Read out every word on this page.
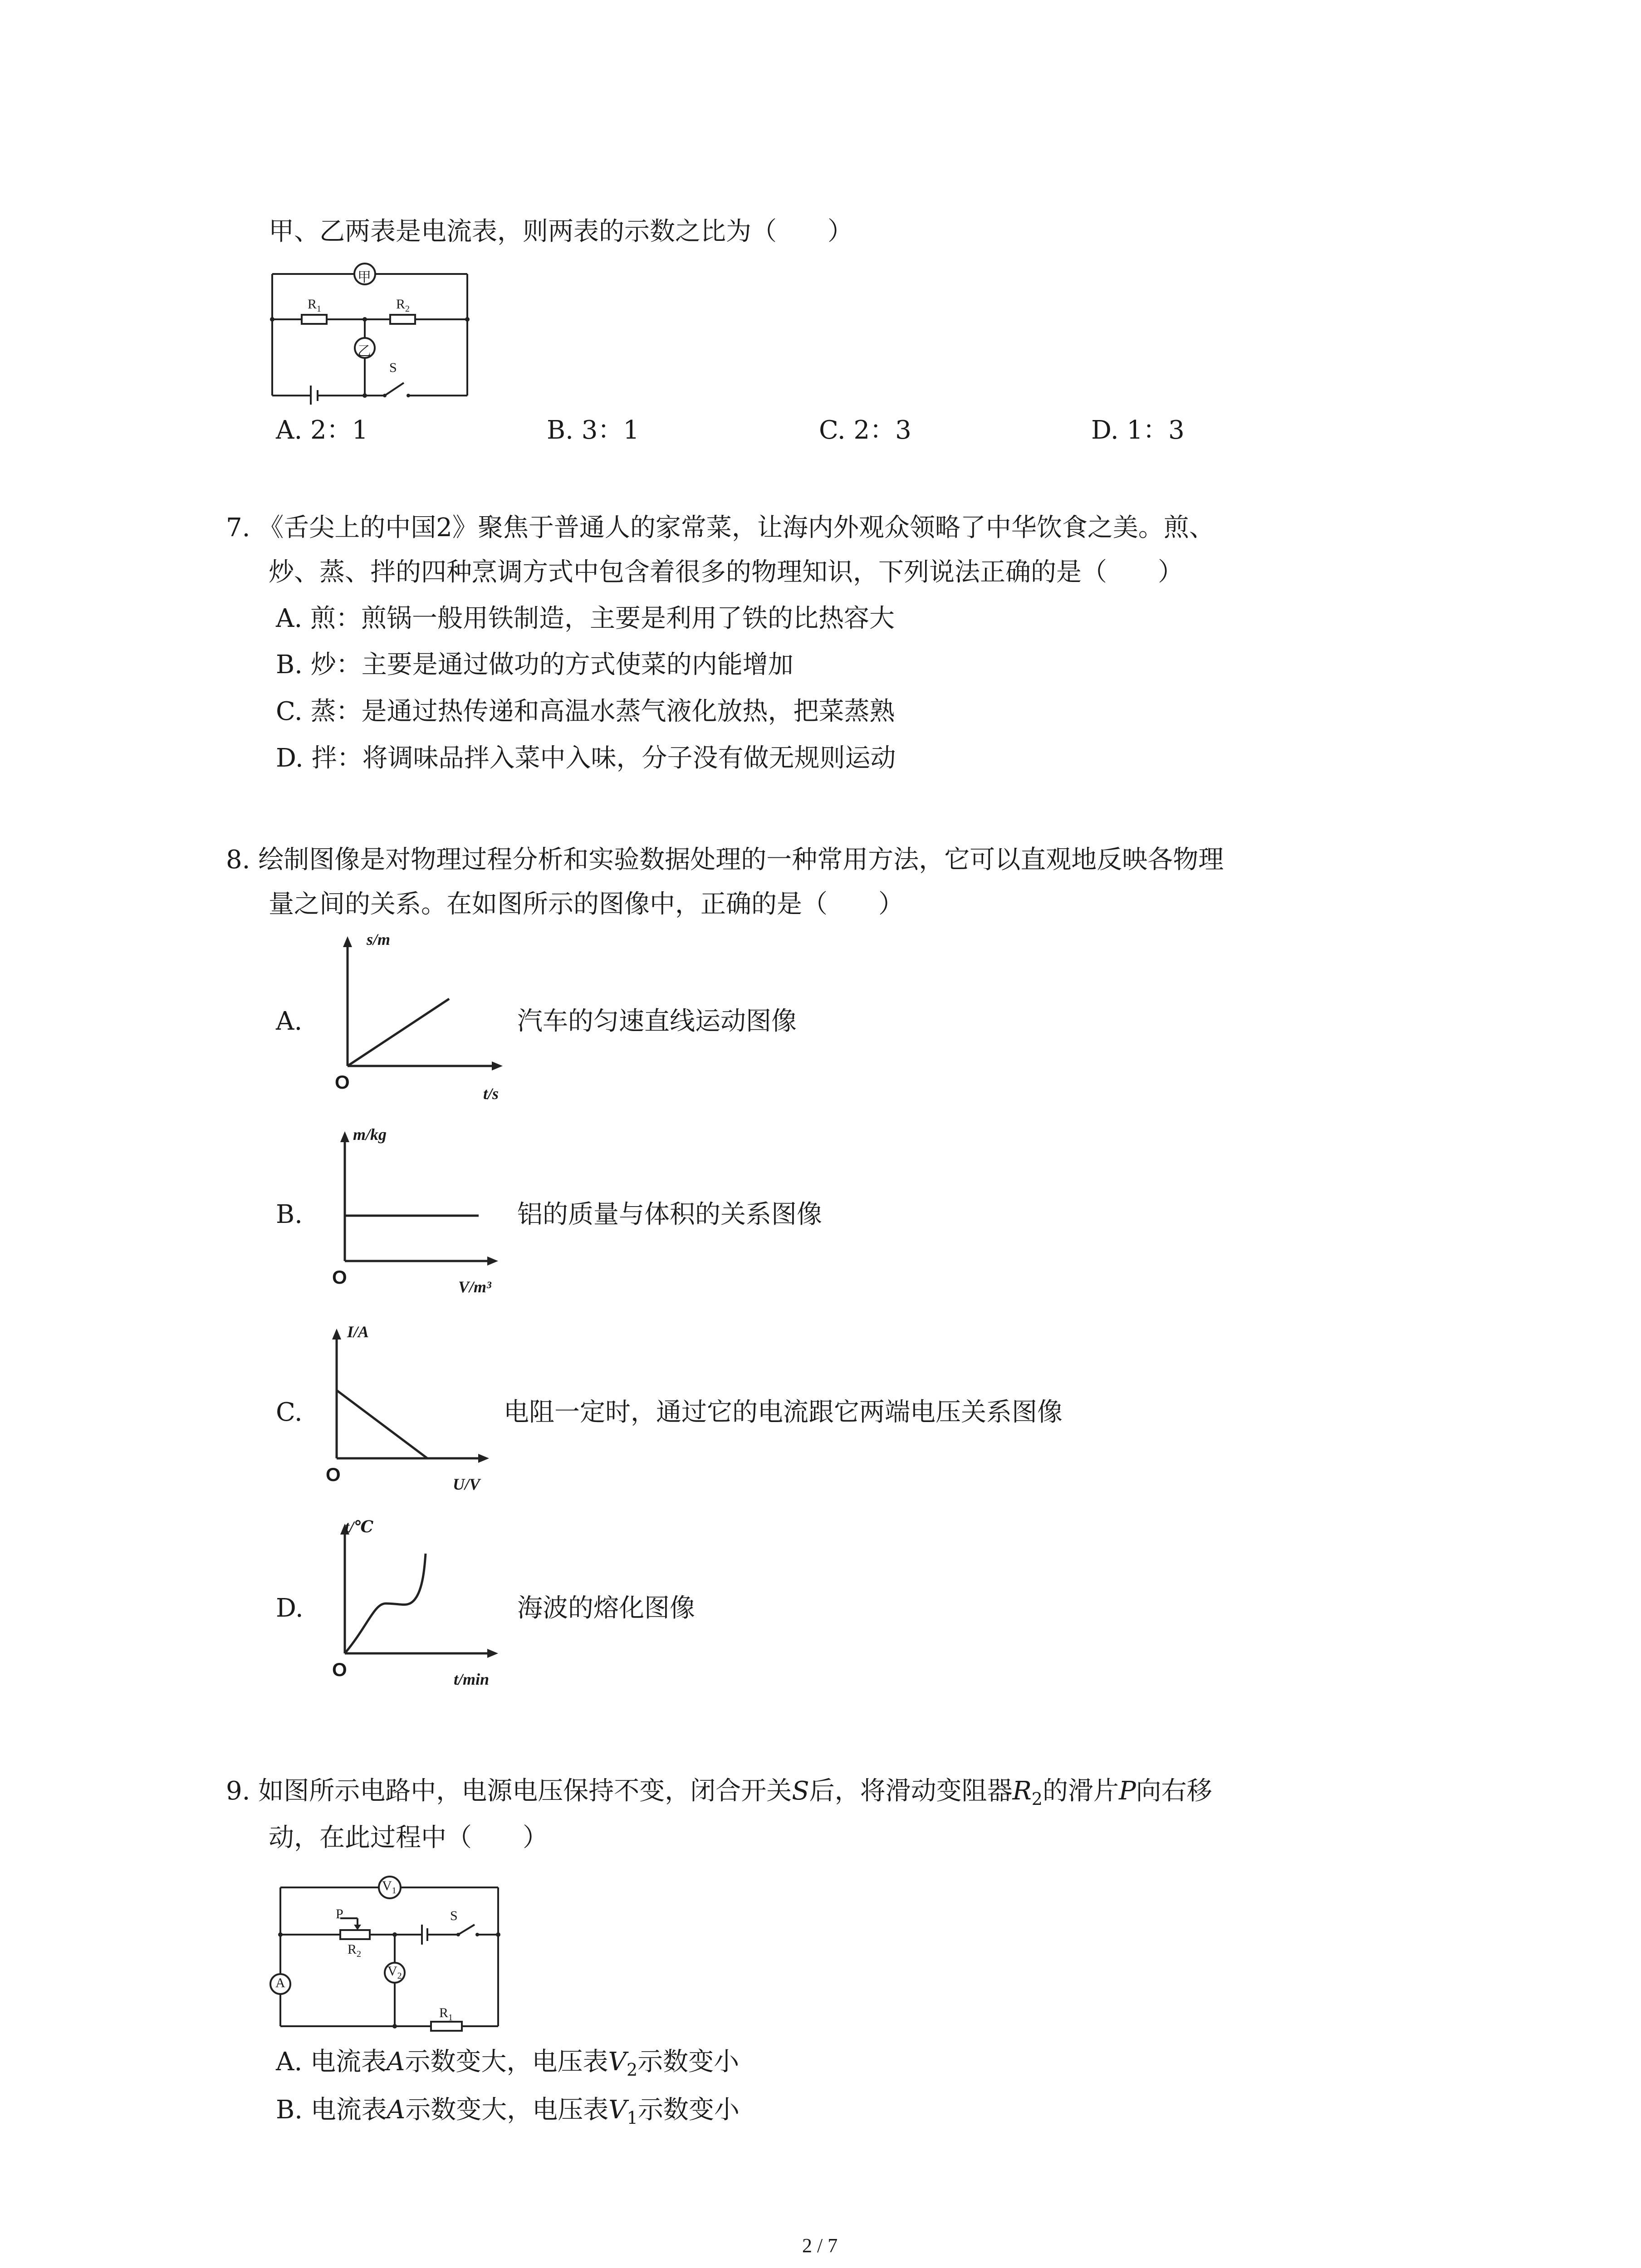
甲、乙两表是电流表，则两表的示数之比为（　　）
甲
乙
$R_1$	$R_2$
S
A. 2：1	B. 3：1	C. 2：3	D. 1：3
7. 《舌尖上的中国2》聚焦于普通人的家常菜，让海内外观众领略了中华饮食之美。煎、
炒、蒸、拌的四种烹调方式中包含着很多的物理知识，下列说法正确的是（　　）
A. 煎：煎锅一般用铁制造，主要是利用了铁的比热容大
B. 炒：主要是通过做功的方式使菜的内能增加
C. 蒸：是通过热传递和高温水蒸气液化放热，把菜蒸熟
D. 拌：将调味品拌入菜中入味，分子没有做无规则运动
8. 绘制图像是对物理过程分析和实验数据处理的一种常用方法，它可以直观地反映各物理
量之间的关系。在如图所示的图像中，正确的是（　　）
A.
s/m
t/s
O
汽车的匀速直线运动图像
B.
m/kg
V/m³
O
铝的质量与体积的关系图像
C.
I/A
U/V
O
电阻一定时，通过它的电流跟它两端电压关系图像
D.
t/℃
t/min
O
海波的熔化图像
9. 如图所示电路中，电源电压保持不变，闭合开关S后，将滑动变阻器$R_2$的滑片P向右移
动，在此过程中（　　）
$V_1$
A
$V_2$
P
$R_2$
$R_1$
S
A. 电流表A示数变大，电压表$V_2$示数变小
B. 电流表A示数变大，电压表$V_1$示数变小
2 / 7
